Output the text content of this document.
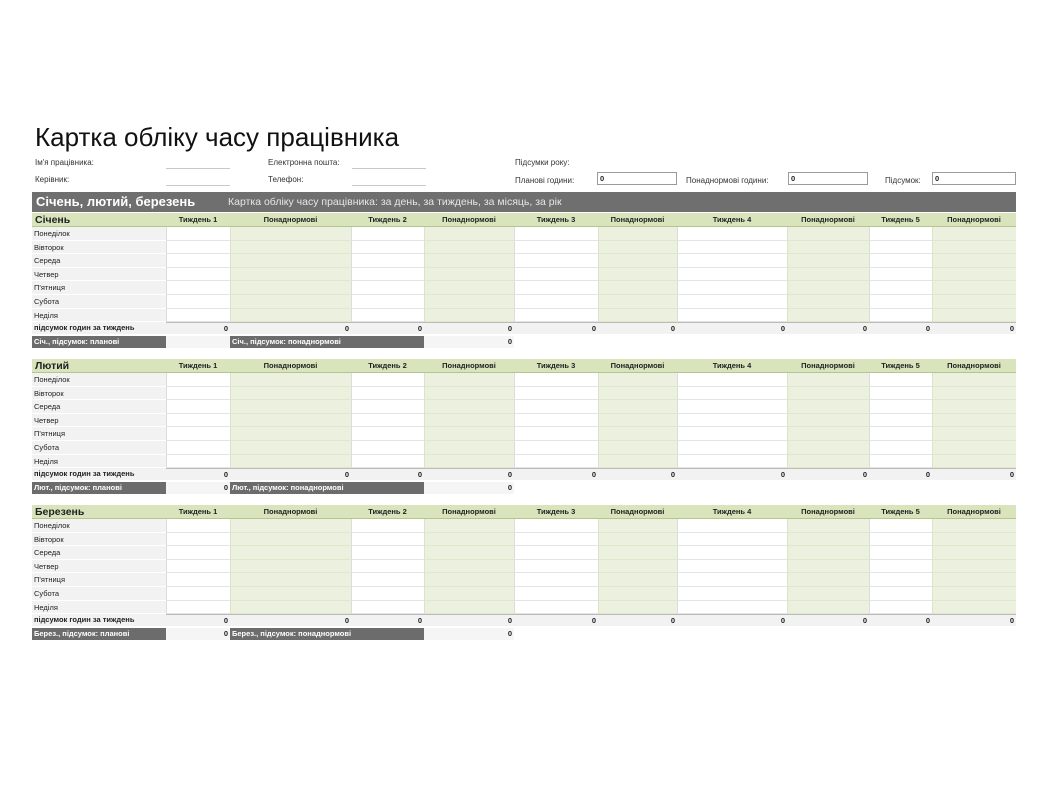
Картка обліку часу працівника
Ім'я працівника:
Керівник:
Електронна пошта:
Телефон:
Підсумки року:
Планові години:	0	Понаднормові години:	0	Підсумок:	0
Січень, лютий, березень	Картка обліку часу працівника: за день, за тиждень, за місяць, за рік
Січень	Тиждень 1	Понаднормові	Тиждень 2	Понаднормові	Тиждень 3	Понаднормові	Тиждень 4	Понаднормові	Тиждень 5	Понаднормові
Понеділок
Вівторок
Середа
Четвер
П'ятниця
Субота
Неділя
підсумок годин за тиждень	0	0	0	0	0	0	0	0	0	0
Січ., підсумок: планові	Січ., підсумок: понаднормові	0
Лютий	Тиждень 1	Понаднормові	Тиждень 2	Понаднормові	Тиждень 3	Понаднормові	Тиждень 4	Понаднормові	Тиждень 5	Понаднормові
Понеділок
Вівторок
Середа
Четвер
П'ятниця
Субота
Неділя
підсумок годин за тиждень	0	0	0	0	0	0	0	0	0	0
Лют., підсумок: планові	0 Лют., підсумок: понаднормові	0
Березень	Тиждень 1	Понаднормові	Тиждень 2	Понаднормові	Тиждень 3	Понаднормові	Тиждень 4	Понаднормові	Тиждень 5	Понаднормові
Понеділок
Вівторок
Середа
Четвер
П'ятниця
Субота
Неділя
підсумок годин за тиждень	0	0	0	0	0	0	0	0	0	0
Берез., підсумок: планові	0 Берез., підсумок: понаднормові	0
